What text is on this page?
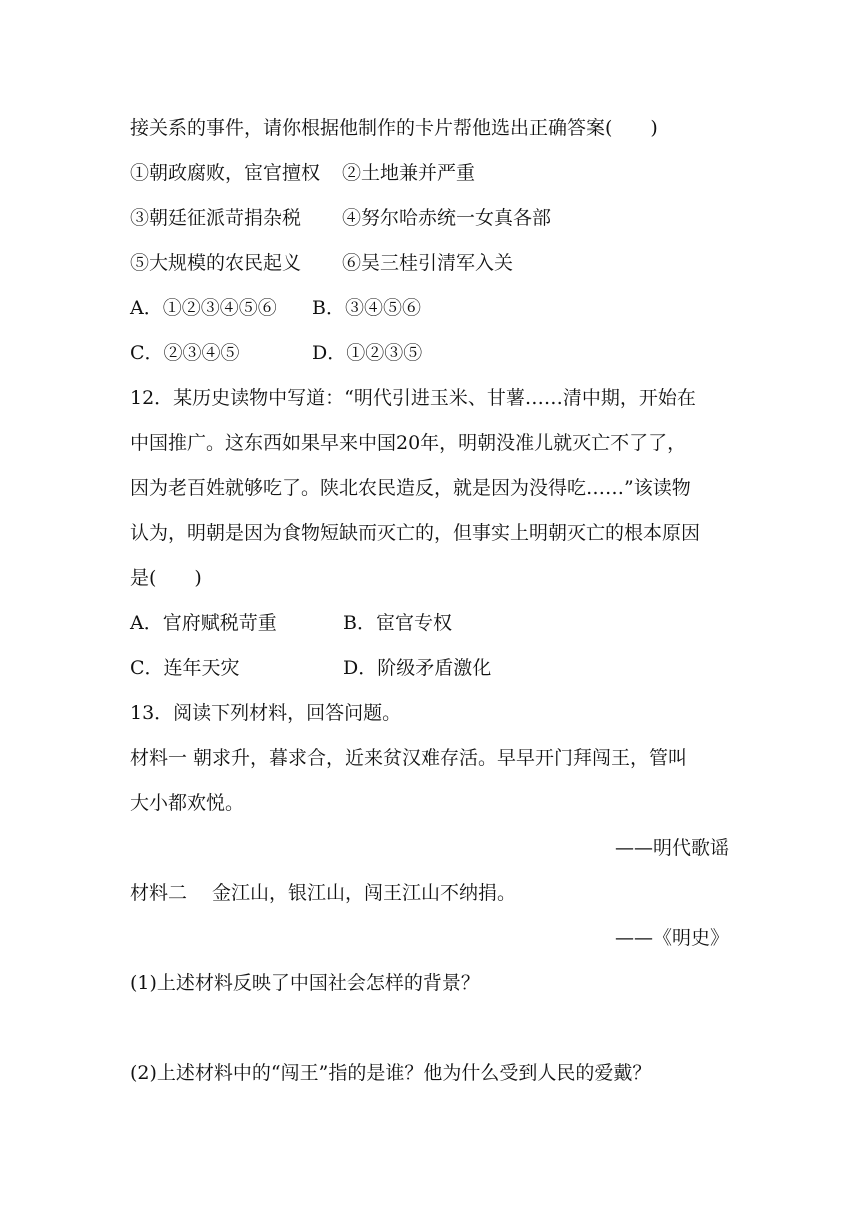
接关系的事件，请你根据他制作的卡片帮他选出正确答案(　　)
①朝政腐败，宦官擅权 ②土地兼并严重
③朝廷征派苛捐杂税 ④努尔哈赤统一女真各部
⑤大规模的农民起义 ⑥吴三桂引清军入关
A．①②③④⑤⑥ B．③④⑤⑥
C．②③④⑤	D．①②③⑤
12．某历史读物中写道：“明代引进玉米、甘薯……清中期，开始在
中国推广。这东西如果早来中国20年，明朝没准儿就灭亡不了了，
因为老百姓就够吃了。陕北农民造反，就是因为没得吃……”该读物
认为，明朝是因为食物短缺而灭亡的，但事实上明朝灭亡的根本原因
是(　　)
A．官府赋税苛重	B．宦官专权
C．连年天灾	D．阶级矛盾激化
13．阅读下列材料，回答问题。
材料一 朝求升，暮求合，近来贫汉难存活。早早开门拜闯王，管叫
大小都欢悦。
——明代歌谣
材料二　 金江山，银江山，闯王江山不纳捐。
——《明史》
(1)上述材料反映了中国社会怎样的背景？
(2)上述材料中的“闯王”指的是谁？他为什么受到人民的爱戴？
